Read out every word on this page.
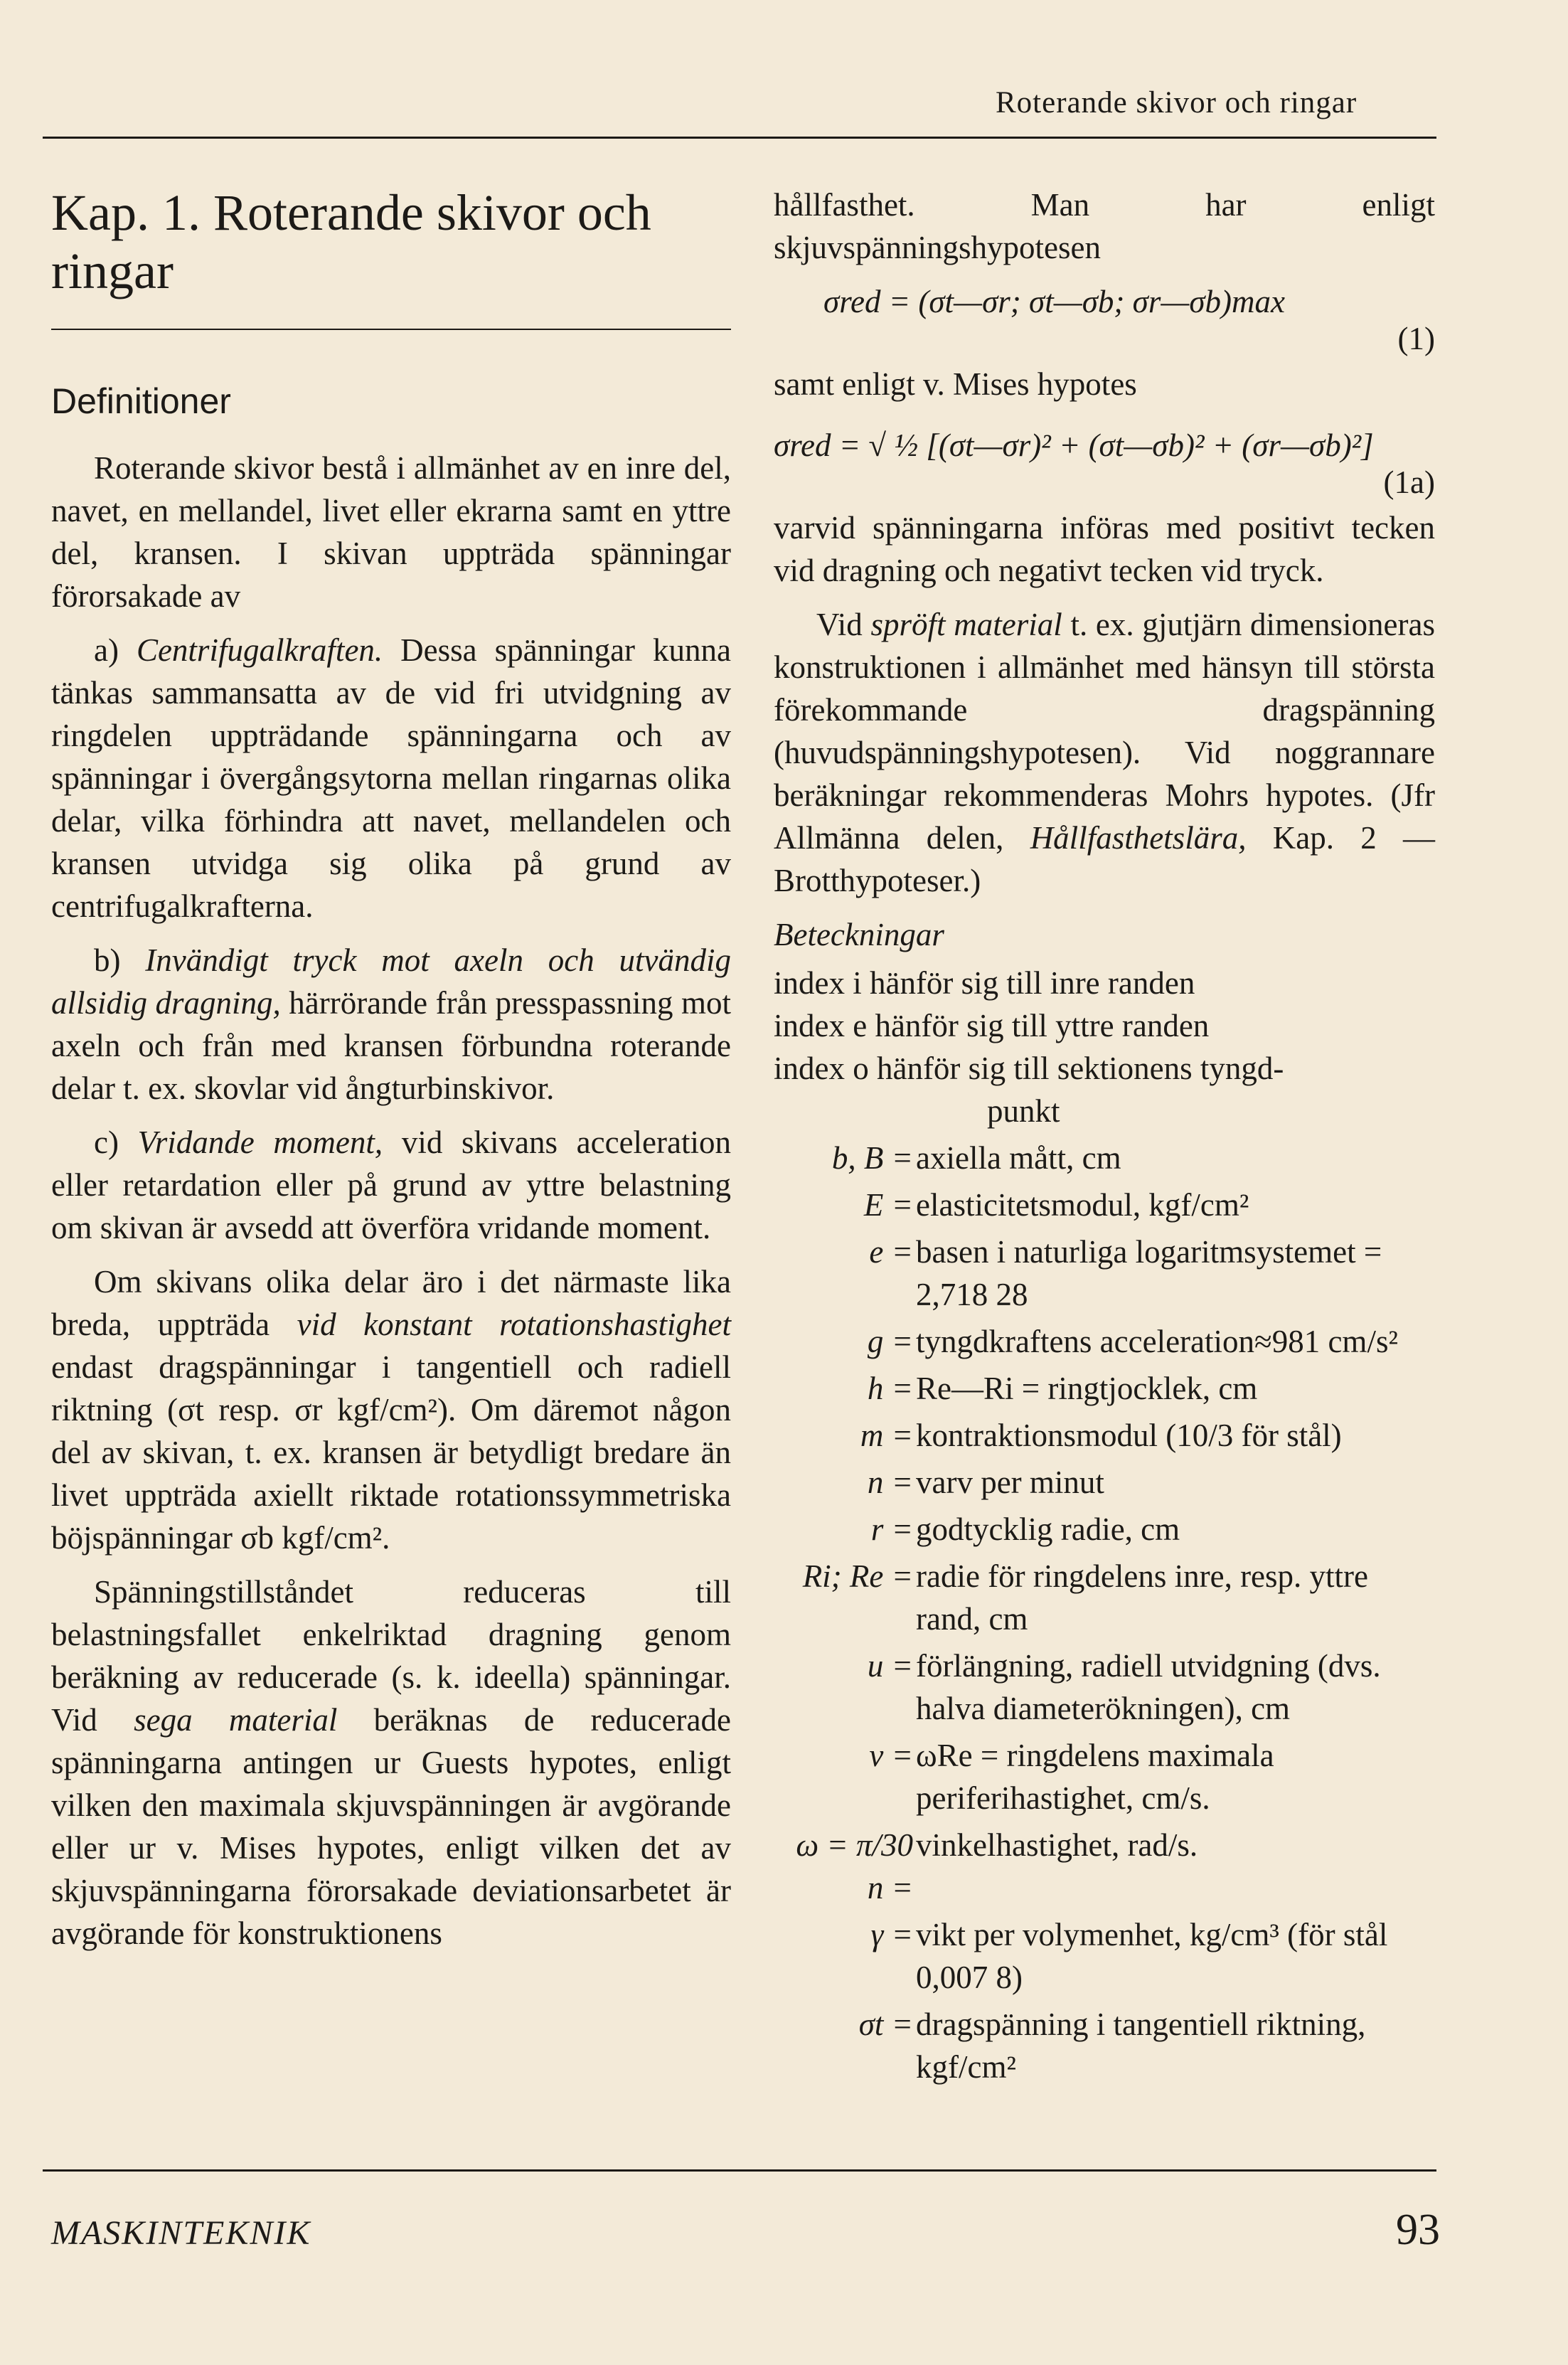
Roterande skivor och ringar
Kap. 1. Roterande skivor och ringar
Definitioner

Roterande skivor bestå i allmänhet av en inre del, navet, en mellandel, livet eller ekrarna samt en yttre del, kransen. I skivan uppträda spänningar förorsakade av

a) Centrifugalkraften. Dessa spänningar kunna tänkas sammansatta av de vid fri utvidgning av ringdelen uppträdande spänningarna och av spänningar i övergångsytorna mellan ringarnas olika delar, vilka förhindra att navet, mellandelen och kransen utvidga sig olika på grund av centrifugalkrafterna.

b) Invändigt tryck mot axeln och utvändig allsidig dragning, härrörande från presspassning mot axeln och från med kransen förbundna roterande delar t. ex. skovlar vid ångturbinskivor.

c) Vridande moment, vid skivans acceleration eller retardation eller på grund av yttre belastning om skivan är avsedd att överföra vridande moment.

Om skivans olika delar äro i det närmaste lika breda, uppträda vid konstant rotationshastighet endast dragspänningar i tangentiell och radiell riktning (σt resp. σr kgf/cm²). Om däremot någon del av skivan, t. ex. kransen är betydligt bredare än livet uppträda axiellt riktade rotationssymmetriska böjspänningar σb kgf/cm².

Spänningstillståndet reduceras till belastningsfallet enkelriktad dragning genom beräkning av reducerade (s. k. ideella) spänningar. Vid sega material beräknas de reducerade spänningarna antingen ur Guests hypotes, enligt vilken den maximala skjuvspänningen är avgörande eller ur v. Mises hypotes, enligt vilken det av skjuvspänningarna förorsakade deviationsarbetet är avgörande för konstruktionens

hållfasthet. Man har enligt skjuvspänningshypotesen

σred = (σt—σr; σt—σb; σr—σb)max
(1)

samt enligt v. Mises hypotes

σred = √ ½ [(σt—σr)² + (σt—σb)² + (σr—σb)²]
(1a)

varvid spänningarna införas med positivt tecken vid dragning och negativt tecken vid tryck.

Vid spröft material t. ex. gjutjärn dimensioneras konstruktionen i allmänhet med hänsyn till största förekommande dragspänning (huvudspänningshypotesen). Vid noggrannare beräkningar rekommenderas Mohrs hypotes. (Jfr Allmänna delen, Hållfasthetslära, Kap. 2 — Brotthypoteser.)

Beteckningar
index i hänför sig till inre randen
index e hänför sig till yttre randen
index o hänför sig till sektionens tyngd-
punkt
b, B = axiella mått, cm
E = elasticitetsmodul, kgf/cm²
e = basen i naturliga logaritmsystemet = 2,718 28
g = tyngdkraftens acceleration≈981 cm/s²
h = Re—Ri = ringtjocklek, cm
m = kontraktionsmodul (10/3 för stål)
n = varv per minut
r = godtycklig radie, cm
Ri; Re = radie för ringdelens inre, resp. yttre rand, cm
u = förlängning, radiell utvidgning (dvs. halva diameterökningen), cm
v = ωRe = ringdelens maximala periferihastighet, cm/s.
ω = π/30 n =
vinkelhastighet, rad/s.
γ = vikt per volymenhet, kg/cm³ (för stål 0,007 8)
σt = dragspänning i tangentiell riktning, kgf/cm²
MASKINTEKNIK	93
